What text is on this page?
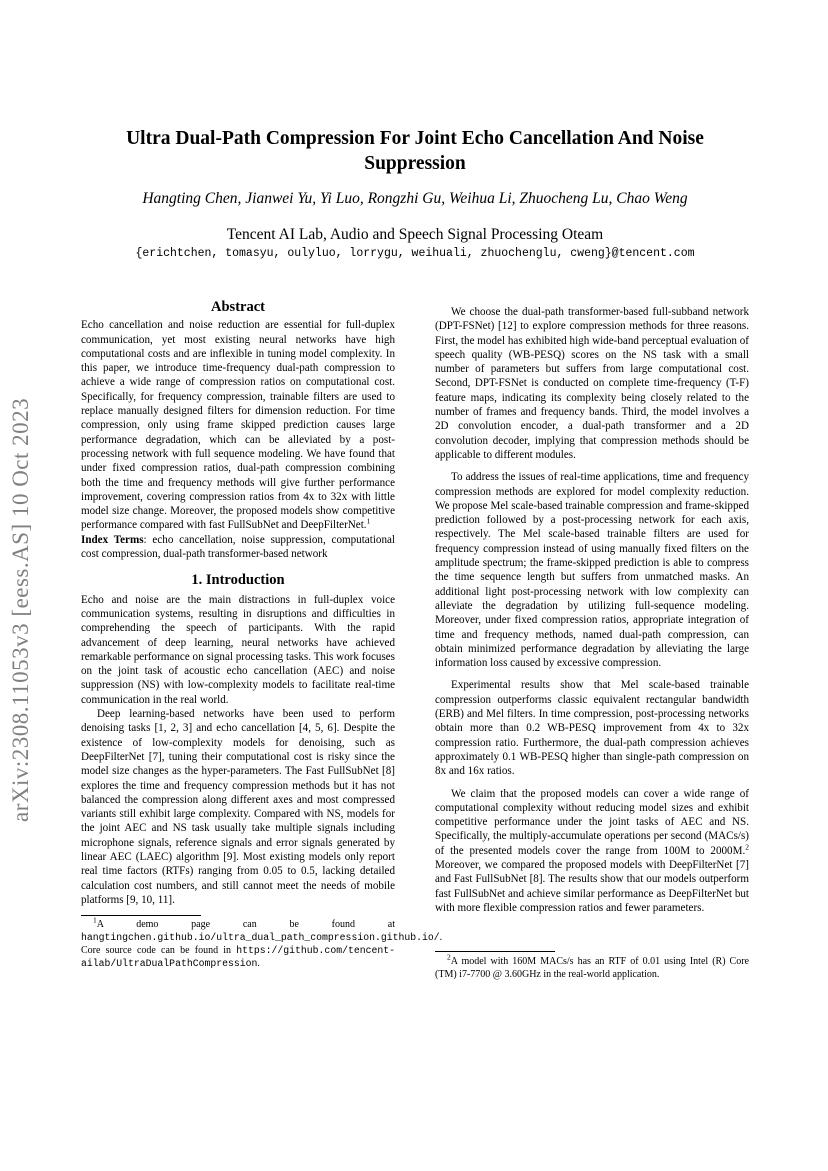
arXiv:2308.11053v3 [eess.AS] 10 Oct 2023
Ultra Dual-Path Compression For Joint Echo Cancellation And Noise
Suppression
Hangting Chen, Jianwei Yu, Yi Luo, Rongzhi Gu, Weihua Li, Zhuocheng Lu, Chao Weng
Tencent AI Lab, Audio and Speech Signal Processing Oteam
{erichtchen, tomasyu, oulyluo, lorrygu, weihuali, zhuochenglu, cweng}@tencent.com
Abstract

Echo cancellation and noise reduction are essential for full-duplex communication, yet most existing neural networks have high computational costs and are inflexible in tuning model complexity. In this paper, we introduce time-frequency dual-path compression to achieve a wide range of compression ratios on computational cost. Specifically, for frequency compression, trainable filters are used to replace manually designed filters for dimension reduction. For time compression, only using frame skipped prediction causes large performance degradation, which can be alleviated by a post-processing network with full sequence modeling. We have found that under fixed compression ratios, dual-path compression combining both the time and frequency methods will give further performance improvement, covering compression ratios from 4x to 32x with little model size change. Moreover, the proposed models show competitive performance compared with fast FullSubNet and DeepFilterNet.$^1$

Index Terms: echo cancellation, noise suppression, computational cost compression, dual-path transformer-based network

1. Introduction

Echo and noise are the main distractions in full-duplex voice communication systems, resulting in disruptions and difficulties in comprehending the speech of participants. With the rapid advancement of deep learning, neural networks have achieved remarkable performance on signal processing tasks. This work focuses on the joint task of acoustic echo cancellation (AEC) and noise suppression (NS) with low-complexity models to facilitate real-time communication in the real world.

Deep learning-based networks have been used to perform denoising tasks [1, 2, 3] and echo cancellation [4, 5, 6]. Despite the existence of low-complexity models for denoising, such as DeepFilterNet [7], tuning their computational cost is risky since the model size changes as the hyper-parameters. The Fast FullSubNet [8] explores the time and frequency compression methods but it has not balanced the compression along different axes and most compressed variants still exhibit large complexity. Compared with NS, models for the joint AEC and NS task usually take multiple signals including microphone signals, reference signals and error signals generated by linear AEC (LAEC) algorithm [9]. Most existing models only report real time factors (RTFs) ranging from 0.05 to 0.5, lacking detailed calculation cost numbers, and still cannot meet the needs of mobile platforms [9, 10, 11].

$^1$A demo page can be found at hangtingchen.github.io/ultra_dual_path_compression.github.io/. Core source code can be found in https://github.com/tencent-ailab/UltraDualPathCompression.

We choose the dual-path transformer-based full-subband network (DPT-FSNet) [12] to explore compression methods for three reasons. First, the model has exhibited high wide-band perceptual evaluation of speech quality (WB-PESQ) scores on the NS task with a small number of parameters but suffers from large computational cost. Second, DPT-FSNet is conducted on complete time-frequency (T-F) feature maps, indicating its complexity being closely related to the number of frames and frequency bands. Third, the model involves a 2D convolution encoder, a dual-path transformer and a 2D convolution decoder, implying that compression methods should be applicable to different modules.

To address the issues of real-time applications, time and frequency compression methods are explored for model complexity reduction. We propose Mel scale-based trainable compression and frame-skipped prediction followed by a post-processing network for each axis, respectively. The Mel scale-based trainable filters are used for frequency compression instead of using manually fixed filters on the amplitude spectrum; the frame-skipped prediction is able to compress the time sequence length but suffers from unmatched masks. An additional light post-processing network with low complexity can alleviate the degradation by utilizing full-sequence modeling. Moreover, under fixed compression ratios, appropriate integration of time and frequency methods, named dual-path compression, can obtain minimized performance degradation by alleviating the large information loss caused by excessive compression.

Experimental results show that Mel scale-based trainable compression outperforms classic equivalent rectangular bandwidth (ERB) and Mel filters. In time compression, post-processing networks obtain more than 0.2 WB-PESQ improvement from 4x to 32x compression ratio. Furthermore, the dual-path compression achieves approximately 0.1 WB-PESQ higher than single-path compression on 8x and 16x ratios.

We claim that the proposed models can cover a wide range of computational complexity without reducing model sizes and exhibit competitive performance under the joint tasks of AEC and NS. Specifically, the multiply-accumulate operations per second (MACs/s) of the presented models cover the range from 100M to 2000M.$^2$ Moreover, we compared the proposed models with DeepFilterNet [7] and Fast FullSubNet [8]. The results show that our models outperform fast FullSubNet and achieve similar performance as DeepFilterNet but with more flexible compression ratios and fewer parameters.

$^2$A model with 160M MACs/s has an RTF of 0.01 using Intel (R) Core (TM) i7-7700 @ 3.60GHz in the real-world application.
